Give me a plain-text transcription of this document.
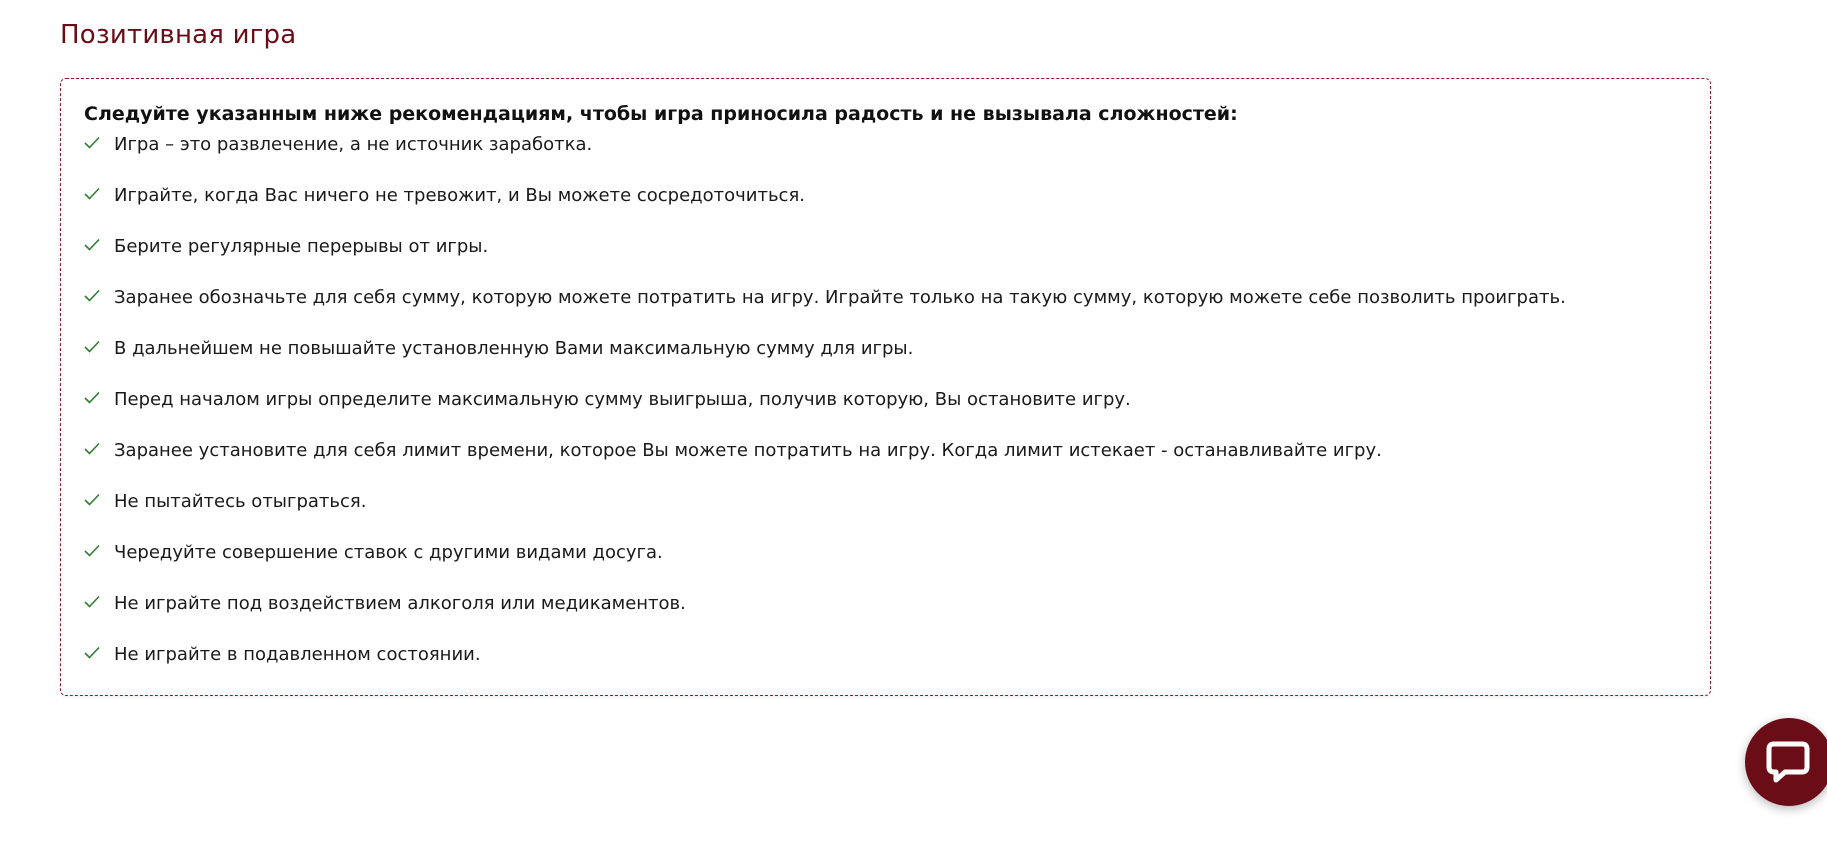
Позитивная игра

Следуйте указанным ниже рекомендациям, чтобы игра приносила радость и не вызывала сложностей:

Игра – это развлечение, а не источник заработка.
Играйте, когда Вас ничего не тревожит, и Вы можете сосредоточиться.
Берите регулярные перерывы от игры.
Заранее обозначьте для себя сумму, которую можете потратить на игру. Играйте только на такую сумму, которую можете себе позволить проиграть.
В дальнейшем не повышайте установленную Вами максимальную сумму для игры.
Перед началом игры определите максимальную сумму выигрыша, получив которую, Вы остановите игру.
Заранее установите для себя лимит времени, которое Вы можете потратить на игру. Когда лимит истекает - останавливайте игру.
Не пытайтесь отыграться.
Чередуйте совершение ставок с другими видами досуга.
Не играйте под воздействием алкоголя или медикаментов.
Не играйте в подавленном состоянии.
